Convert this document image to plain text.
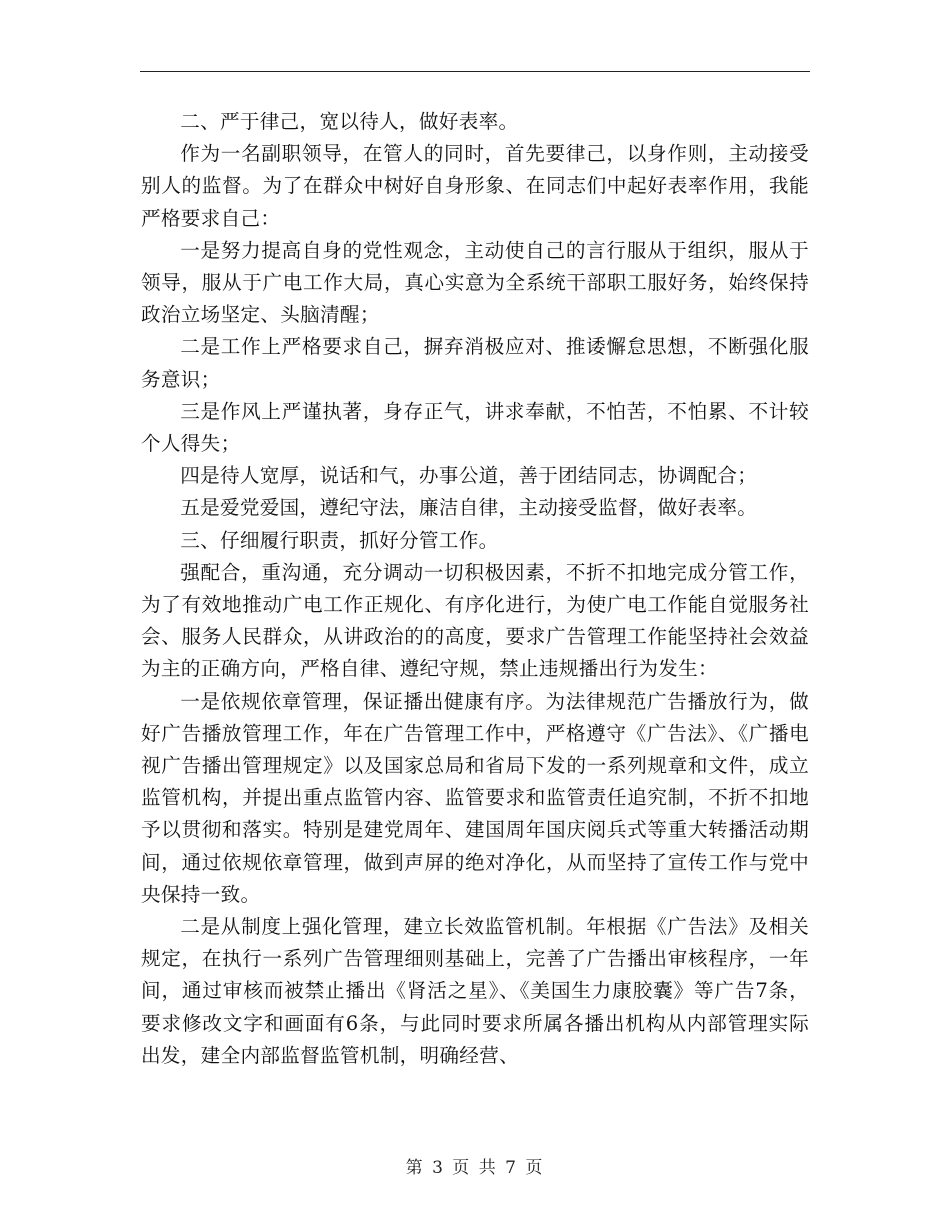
二、严于律己，宽以待人，做好表率。

作为一名副职领导，在管人的同时，首先要律己，以身作则，主动接受别人的监督。为了在群众中树好自身形象、在同志们中起好表率作用，我能严格要求自己：

一是努力提高自身的党性观念，主动使自己的言行服从于组织，服从于领导，服从于广电工作大局，真心实意为全系统干部职工服好务，始终保持政治立场坚定、头脑清醒；

二是工作上严格要求自己，摒弃消极应对、推诿懈怠思想，不断强化服务意识；

三是作风上严谨执著，身存正气，讲求奉献，不怕苦，不怕累、不计较个人得失；

四是待人宽厚，说话和气，办事公道，善于团结同志，协调配合；

五是爱党爱国，遵纪守法，廉洁自律，主动接受监督，做好表率。

三、仔细履行职责，抓好分管工作。

强配合，重沟通，充分调动一切积极因素，不折不扣地完成分管工作，为了有效地推动广电工作正规化、有序化进行，为使广电工作能自觉服务社会、服务人民群众，从讲政治的的高度，要求广告管理工作能坚持社会效益为主的正确方向，严格自律、遵纪守规，禁止违规播出行为发生：

一是依规依章管理，保证播出健康有序。为法律规范广告播放行为，做好广告播放管理工作，年在广告管理工作中，严格遵守《广告法》、《广播电视广告播出管理规定》以及国家总局和省局下发的一系列规章和文件，成立监管机构，并提出重点监管内容、监管要求和监管责任追究制，不折不扣地予以贯彻和落实。特别是建党周年、建国周年国庆阅兵式等重大转播活动期间，通过依规依章管理，做到声屏的绝对净化，从而坚持了宣传工作与党中央保持一致。

二是从制度上强化管理，建立长效监管机制。年根据《广告法》及相关规定，在执行一系列广告管理细则基础上，完善了广告播出审核程序，一年间，通过审核而被禁止播出《肾活之星》、《美国生力康胶囊》等广告7条，要求修改文字和画面有6条，与此同时要求所属各播出机构从内部管理实际出发，建全内部监督监管机制，明确经营、

第 3 页 共 7 页
